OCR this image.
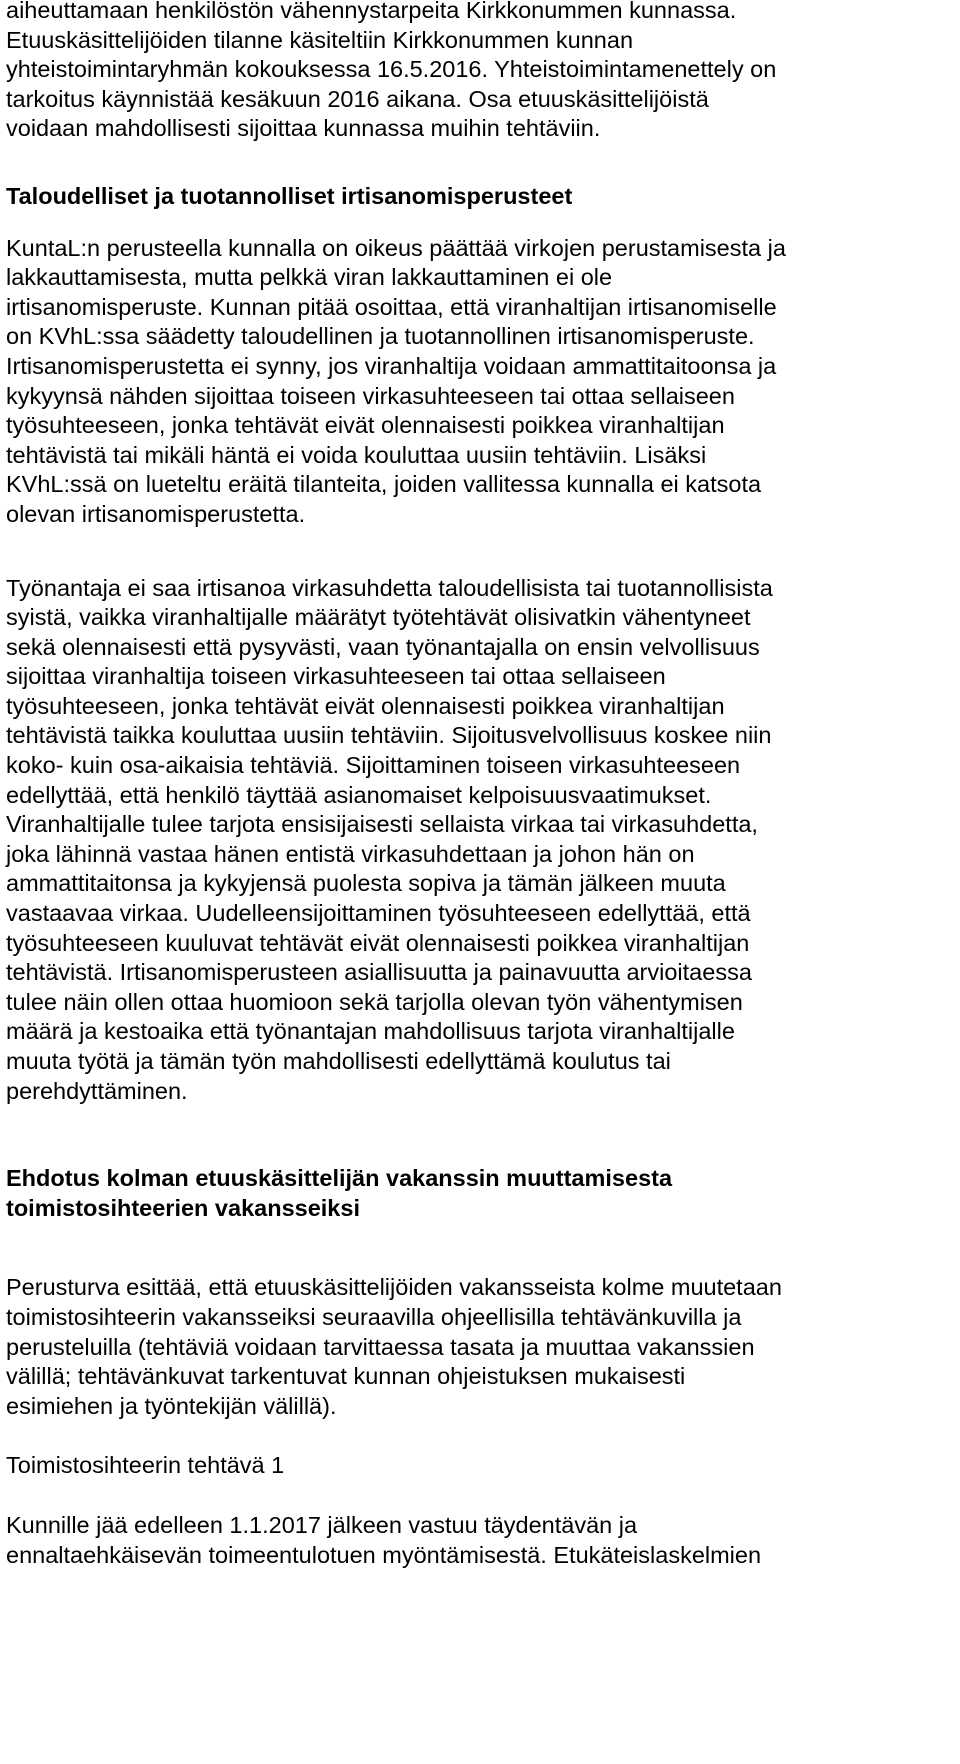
aiheuttamaan henkilöstön vähennystarpeita Kirkkonummen kunnassa.
Etuuskäsittelijöiden tilanne käsiteltiin Kirkkonummen kunnan
yhteistoimintaryhmän kokouksessa 16.5.2016. Yhteistoimintamenettely on
tarkoitus käynnistää kesäkuun 2016 aikana. Osa etuuskäsittelijöistä
voidaan mahdollisesti sijoittaa kunnassa muihin tehtäviin.
Taloudelliset ja tuotannolliset irtisanomisperusteet
KuntaL:n perusteella kunnalla on oikeus päättää virkojen perustamisesta ja
lakkauttamisesta, mutta pelkkä viran lakkauttaminen ei ole
irtisanomisperuste. Kunnan pitää osoittaa, että viranhaltijan irtisanomiselle
on KVhL:ssa säädetty taloudellinen ja tuotannollinen irtisanomisperuste.
Irtisanomisperustetta ei synny, jos viranhaltija voidaan ammattitaitoonsa ja
kykyynsä nähden sijoittaa toiseen virkasuhteeseen tai ottaa sellaiseen
työsuhteeseen, jonka tehtävät eivät olennaisesti poikkea viranhaltijan
tehtävistä tai mikäli häntä ei voida kouluttaa uusiin tehtäviin. Lisäksi
KVhL:ssä on lueteltu eräitä tilanteita, joiden vallitessa kunnalla ei katsota
olevan irtisanomisperustetta.
Työnantaja ei saa irtisanoa virkasuhdetta taloudellisista tai tuotannollisista
syistä, vaikka viranhaltijalle määrätyt työtehtävät olisivatkin vähentyneet
sekä olennaisesti että pysyvästi, vaan työnantajalla on ensin velvollisuus
sijoittaa viranhaltija toiseen virkasuhteeseen tai ottaa sellaiseen
työsuhteeseen, jonka tehtävät eivät olennaisesti poikkea viranhaltijan
tehtävistä taikka kouluttaa uusiin tehtäviin. Sijoitusvelvollisuus koskee niin
koko- kuin osa-aikaisia tehtäviä. Sijoittaminen toiseen virkasuhteeseen
edellyttää, että henkilö täyttää asianomaiset kelpoisuusvaatimukset.
Viranhaltijalle tulee tarjota ensisijaisesti sellaista virkaa tai virkasuhdetta,
joka lähinnä vastaa hänen entistä virkasuhdettaan ja johon hän on
ammattitaitonsa ja kykyjensä puolesta sopiva ja tämän jälkeen muuta
vastaavaa virkaa. Uudelleensijoittaminen työsuhteeseen edellyttää, että
työsuhteeseen kuuluvat tehtävät eivät olennaisesti poikkea viranhaltijan
tehtävistä. Irtisanomisperusteen asiallisuutta ja painavuutta arvioitaessa
tulee näin ollen ottaa huomioon sekä tarjolla olevan työn vähentymisen
määrä ja kestoaika että työnantajan mahdollisuus tarjota viranhaltijalle
muuta työtä ja tämän työn mahdollisesti edellyttämä koulutus tai
perehdyttäminen.
Ehdotus kolman etuuskäsittelijän vakanssin muuttamisesta
toimistosihteerien vakansseiksi
Perusturva esittää, että etuuskäsittelijöiden vakansseista kolme muutetaan
toimistosihteerin vakansseiksi seuraavilla ohjeellisilla tehtävänkuvilla ja
perusteluilla (tehtäviä voidaan tarvittaessa tasata ja muuttaa vakanssien
välillä; tehtävänkuvat tarkentuvat kunnan ohjeistuksen mukaisesti
esimiehen ja työntekijän välillä).
Toimistosihteerin tehtävä 1
Kunnille jää edelleen 1.1.2017 jälkeen vastuu täydentävän ja
ennaltaehkäisevän toimeentulotuen myöntämisestä. Etukäteislaskelmien
